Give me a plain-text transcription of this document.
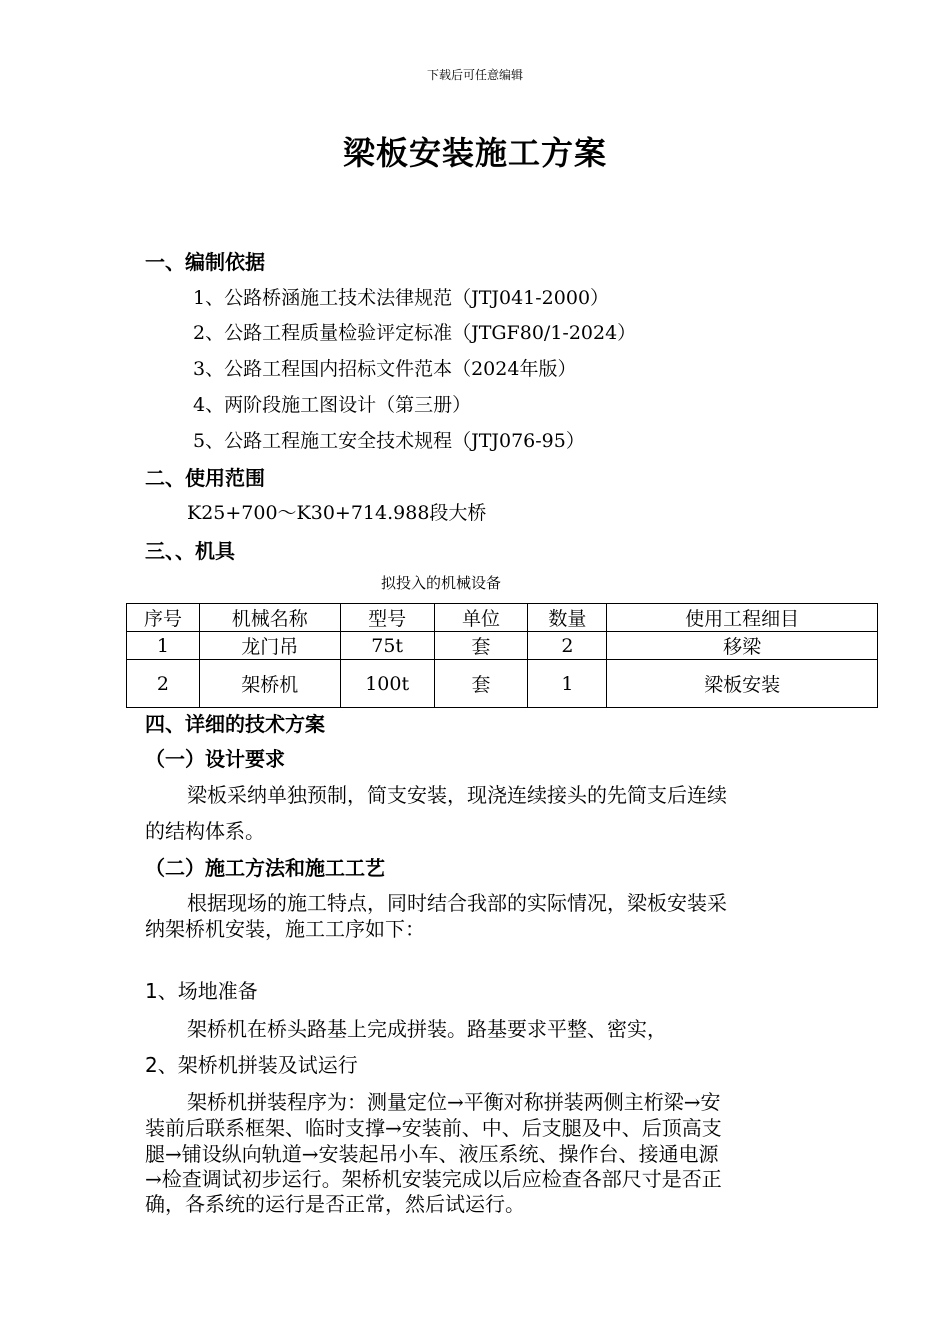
下载后可任意编辑
梁板安装施工方案
一、编制依据
1、公路桥涵施工技术法律规范（JTJ041-2000）
2、公路工程质量检验评定标准（JTGF80/1-2024）
3、公路工程国内招标文件范本（2024年版）
4、两阶段施工图设计（第三册）
5、公路工程施工安全技术规程（JTJ076-95）
二、使用范围
K25+700～K30+714.988段大桥
三、、机具
拟投入的机械设备
序号	机械名称	型号	单位	数量	使用工程细目
1	龙门吊	75t	套	2	移梁
2	架桥机	100t	套	1	梁板安装
四、详细的技术方案
（一）设计要求
梁板采纳单独预制，简支安装，现浇连续接头的先简支后连续
的结构体系。
（二）施工方法和施工工艺
根据现场的施工特点，同时结合我部的实际情况，梁板安装采
纳架桥机安装，施工工序如下：
1、场地准备
架桥机在桥头路基上完成拼装。路基要求平整、密实，
2、架桥机拼装及试运行
架桥机拼装程序为：测量定位→平衡对称拼装两侧主桁梁→安
装前后联系框架、临时支撑→安装前、中、后支腿及中、后顶高支
腿→铺设纵向轨道→安装起吊小车、液压系统、操作台、接通电源
→检查调试初步运行。架桥机安装完成以后应检查各部尺寸是否正
确，各系统的运行是否正常，然后试运行。
